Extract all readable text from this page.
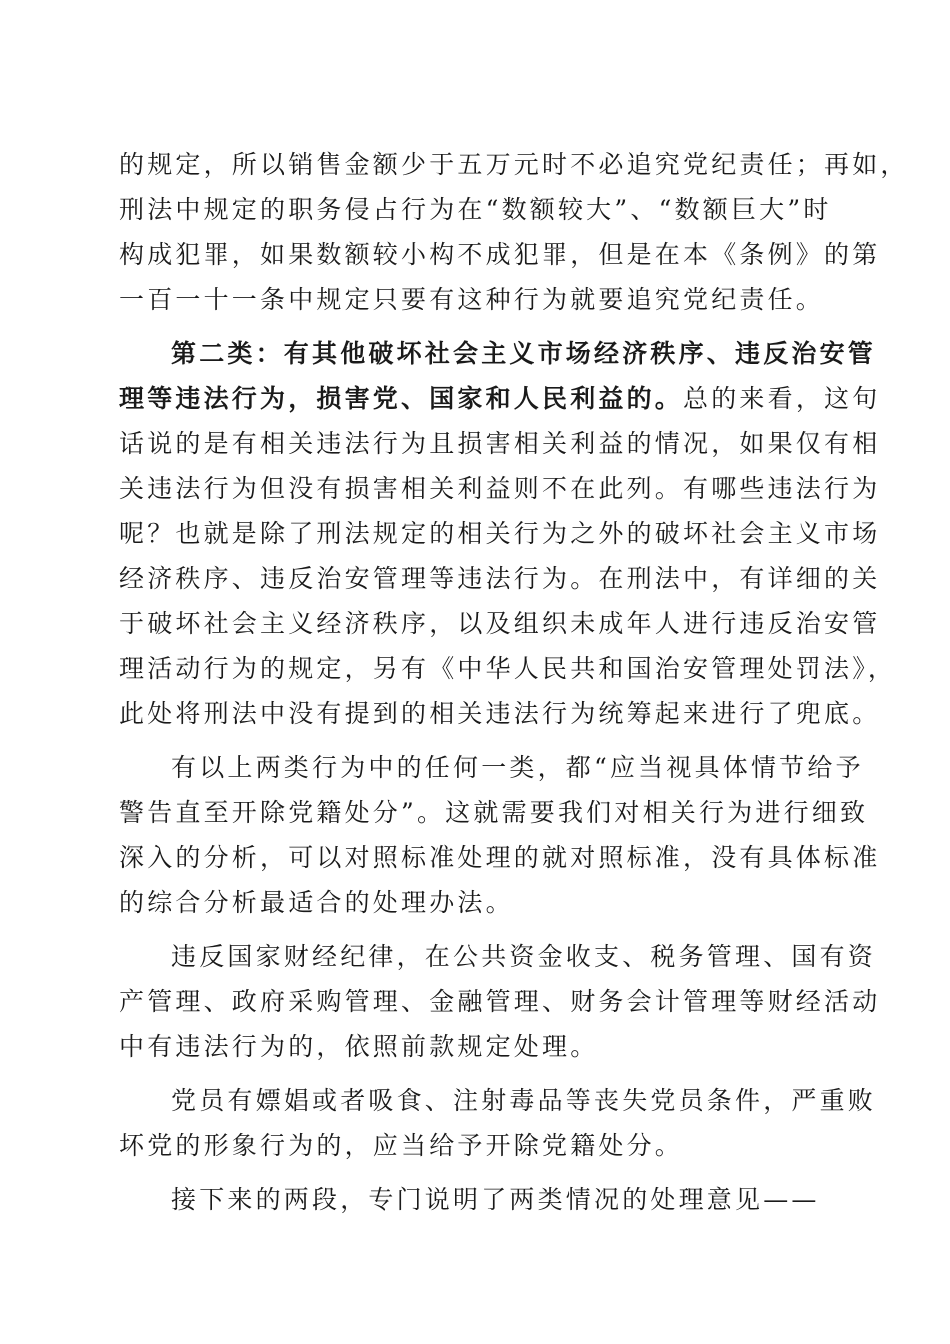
的规定，所以销售金额少于五万元时不必追究党纪责任；再如，
刑法中规定的职务侵占行为在“数额较大”、“数额巨大”时
构成犯罪，如果数额较小构不成犯罪，但是在本《条例》的第
一百一十一条中规定只要有这种行为就要追究党纪责任。
第二类：有其他破坏社会主义市场经济秩序、违反治安管
理等违法行为，损害党、国家和人民利益的。总的来看，这句
话说的是有相关违法行为且损害相关利益的情况，如果仅有相
关违法行为但没有损害相关利益则不在此列。有哪些违法行为
呢？也就是除了刑法规定的相关行为之外的破坏社会主义市场
经济秩序、违反治安管理等违法行为。在刑法中，有详细的关
于破坏社会主义经济秩序，以及组织未成年人进行违反治安管
理活动行为的规定，另有《中华人民共和国治安管理处罚法》，
此处将刑法中没有提到的相关违法行为统筹起来进行了兜底。
有以上两类行为中的任何一类，都“应当视具体情节给予
警告直至开除党籍处分”。这就需要我们对相关行为进行细致
深入的分析，可以对照标准处理的就对照标准，没有具体标准
的综合分析最适合的处理办法。
违反国家财经纪律，在公共资金收支、税务管理、国有资
产管理、政府采购管理、金融管理、财务会计管理等财经活动
中有违法行为的，依照前款规定处理。
党员有嫖娼或者吸食、注射毒品等丧失党员条件，严重败
坏党的形象行为的，应当给予开除党籍处分。
接下来的两段，专门说明了两类情况的处理意见——
